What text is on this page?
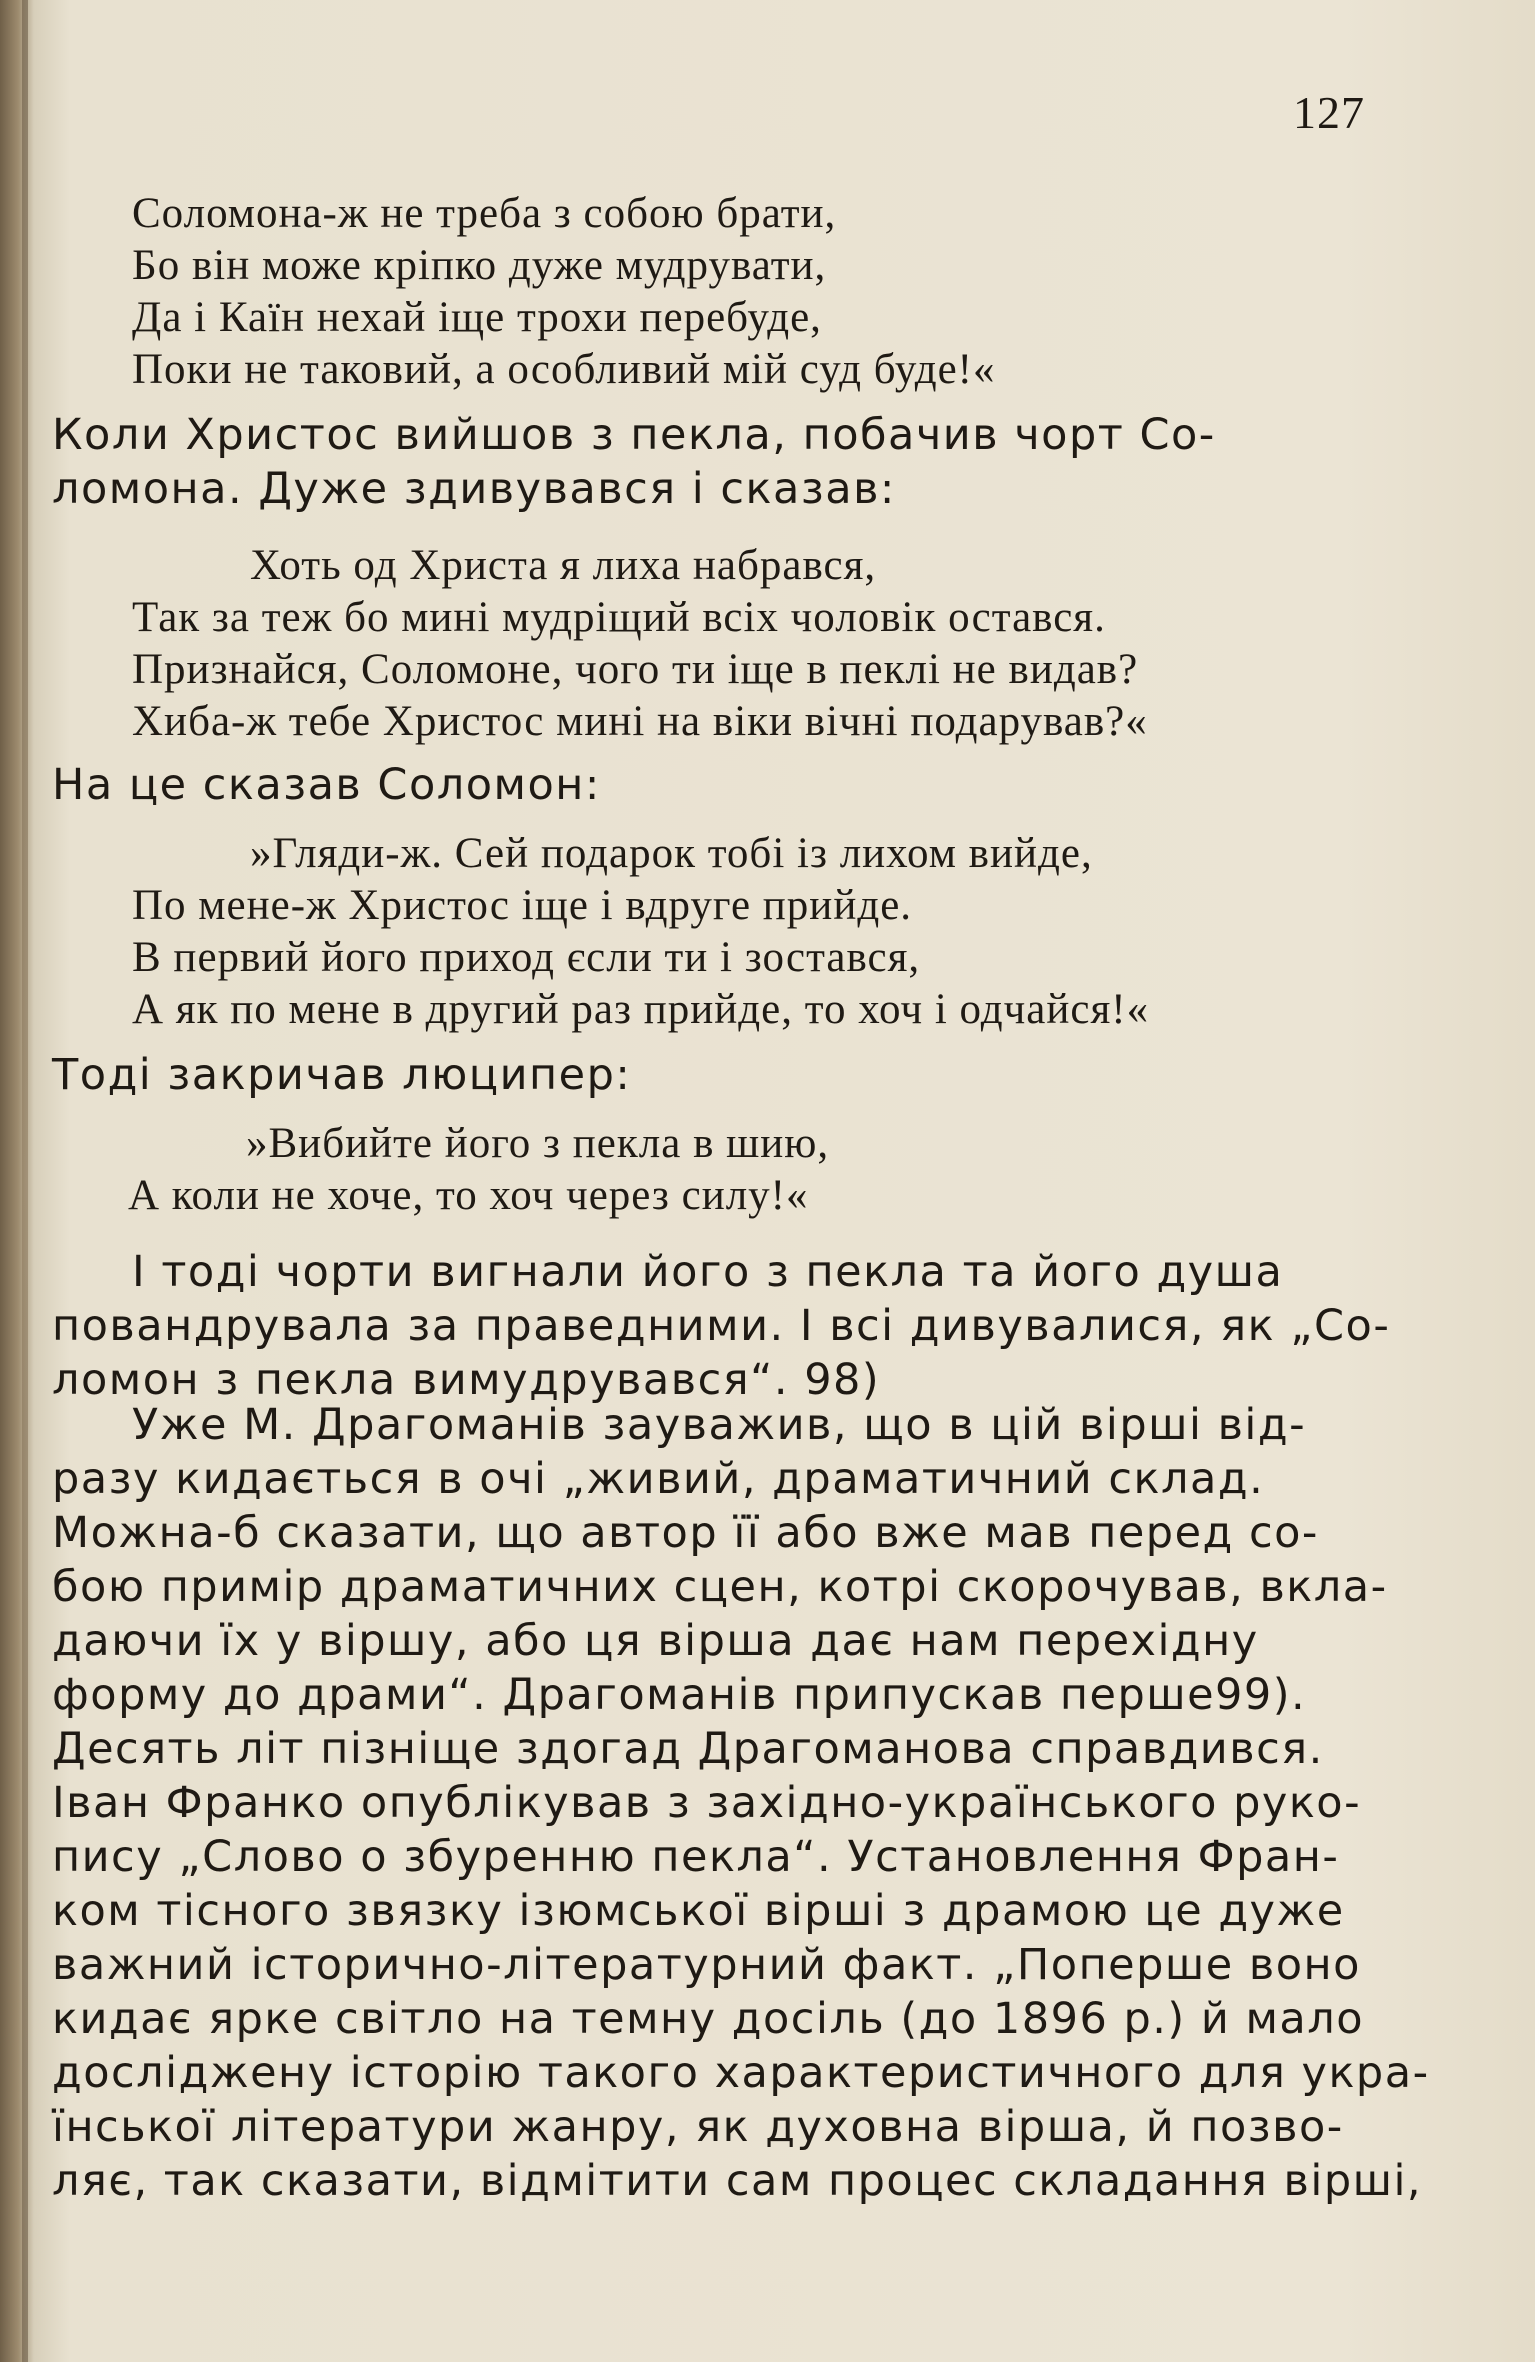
127
Соломона-ж не треба з собою брати,
Бо він може кріпко дуже мудрувати,
Да і Каїн нехай іще трохи перебуде,
Поки не таковий, а особливий мій суд буде!«
Коли Христос вийшов з пекла, побачив чорт Со-
ломона. Дуже здивувався і сказав:
Хоть од Христа я лиха набрався,
Так за теж бо мині мудріщий всіх чоловік остався.
Признайся, Соломоне, чого ти іще в пеклі не видав?
Хиба-ж тебе Христос мині на віки вічні подарував?«
На це сказав Соломон:
»Гляди-ж. Сей подарок тобі із лихом вийде,
По мене-ж Христос іще і вдруге прийде.
В первий його приход єсли ти і зостався,
А як по мене в другий раз прийде, то хоч і одчайся!«
Тоді закричав люципер:
»Вибийте його з пекла в шию,
А коли не хоче, то хоч через силу!«
І тоді чорти вигнали його з пекла та його душа
повандрувала за праведними. І всі дивувалися, як „Со-
ломон з пекла вимудрувався“. 98)
Уже М. Драгоманів зауважив, що в цій вірші від-
разу кидається в очі „живий, драматичний склад.
Можна-б сказати, що автор її або вже мав перед со-
бою примір драматичних сцен, котрі скорочував, вкла-
даючи їх у віршу, або ця вірша дає нам перехідну
форму до драми“. Драгоманів припускав перше99).
Десять літ пізніще здогад Драгоманова справдився.
Іван Франко опублікував з західно-українського руко-
пису „Слово о збуренню пекла“. Установлення Фран-
ком тісного звязку ізюмської вірші з драмою це дуже
важний історично-літературний факт. „Поперше воно
кидає ярке світло на темну досіль (до 1896 р.) й мало
досліджену історію такого характеристичного для укра-
їнської літератури жанру, як духовна вірша, й позво-
ляє, так сказати, відмітити сам процес складання вірші,
